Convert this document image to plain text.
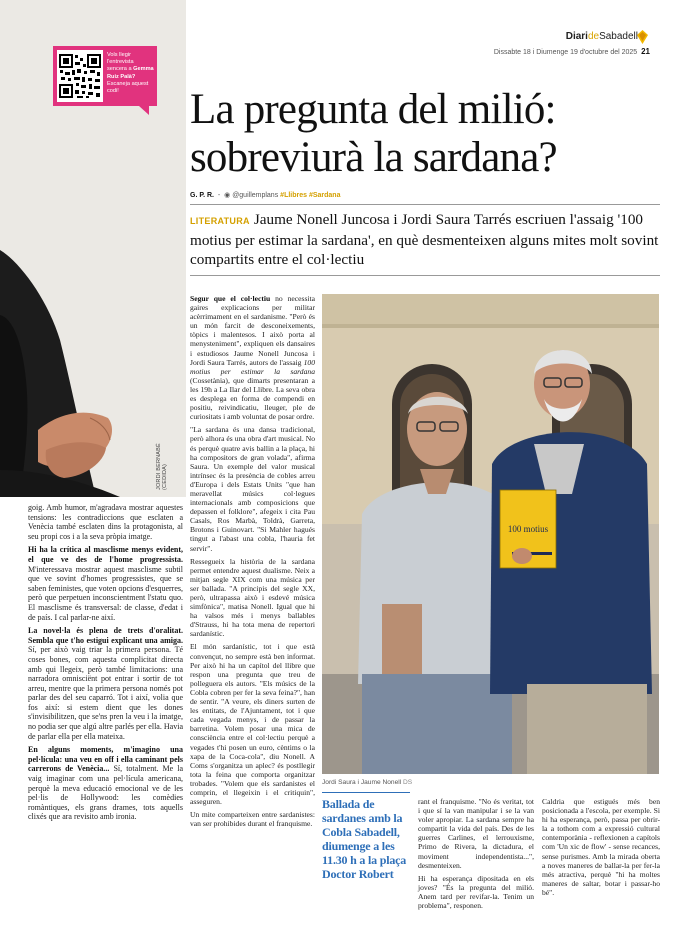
JORDI BERNABÉ (CEDIDA)
Vols llegir l'entrevista sencera a Gemma Ruiz Palà? Escaneja aquest codi!
DiarideSabadell
Dissabte 18 i Diumenge 19 d'octubre del 2025 21
La pregunta del milió:
sobreviurà la sardana?
G. P. R.  -  ◉ @guillemplans #Llibres #Sardana
LITERATURA Jaume Nonell Juncosa i Jordi Saura Tarrés escriuen l'assaig '100 motius per estimar la sardana', en què desmenteixen alguns mites molt sovint compartits entre el col·lectiu

goig. Amb humor, m'agradava mostrar aquestes tensions: les contradiccions que esclaten a Venècia també esclaten dins la protagonista, al seu propi cos i a la seva pròpia imatge.

Hi ha la crítica al masclisme menys evident, el que ve des de l'home progressista. M'interessava mostrar aquest masclisme subtil que ve sovint d'homes progressistes, que se saben feministes, que voten opcions d'esquerres, però que perpetuen inconscientment l'statu quo. El masclisme és transversal: de classe, d'edat i de país. I cal parlar-ne així.

La novel·la és plena de trets d'oralitat. Sembla que t'ho estigui explicant una amiga. Sí, per això vaig triar la primera persona. Té coses bones, com aquesta complicitat directa amb qui llegeix, però també limitacions: una narradora omnisciënt pot entrar i sortir de tot arreu, mentre que la primera persona només pot parlar des del seu caparró. Tot i així, volia que fos així: si estem dient que les dones s'invisibilitzen, que se'ns pren la veu i la imatge, no podia ser que algú altre parlés per ella. Havia de parlar ella per ella mateixa.

En alguns moments, m'imagino una pel·lícula: una veu en off i ella caminant pels carrerons de Venècia... Sí, totalment. Me la vaig imaginar com una pel·lícula americana, perquè la meva educació emocional ve de les pel·lis de Hollywood: les comèdies romàntiques, els grans drames, tots aquells clixés que ara revisito amb ironia.

Segur que el col·lectiu no necessita gaires explicacions per militar acèrrimament en el sardanisme. "Però és un món farcit de desconeixements, tòpics i malentesos. I això porta al menysteniment", expliquen els dansaires i estudiosos Jaume Nonell Juncosa i Jordi Saura Tarrés, autors de l'assaig 100 motius per estimar la sardana (Cossetània), que dimarts presentaran a les 19h a La Ilar del Llibre. La seva obra es desplega en forma de compendi en positiu, reivindicatiu, lleuger, ple de curiositats i amb voluntat de posar ordre.

"La sardana és una dansa tradicional, però alhora és una obra d'art musical. No és perquè quatre avis ballin a la plaça, hi ha compositors de gran volada", afirma Saura. Un exemple del valor musical intrínsec és la presència de cobles arreu d'Europa i dels Estats Units "que han meravellat músics col·legues internacionals amb composicions que depassen el folklore", afegeix i cita Pau Casals, Ros Marbà, Toldrà, Garreta, Brotons i Guinovart. "Si Mahler hagués tingut a l'abast una cobla, l'hauria fet servir".

Ressegueix la història de la sardana permet entendre aquest dualisme. Neix a mitjan segle XIX com una música per ser ballada. "A principis del segle XX, però, ultrapassa això i esdevé música simfònica", matisa Nonell. Igual que hi ha valsos més i menys ballables d'Strauss, hi ha tota mena de repertori sardanístic.

El món sardanístic, tot i que està convençut, no sempre està ben informat. Per això hi ha un capítol del llibre que respon una pregunta que treu de polleguera els autors. "Els músics de la Cobla cobren per fer la seva feina?", han de sentir. "A veure, els diners surten de les entitats, de l'Ajuntament, tot i que cada vegada menys, i de passar la barretina. Volem posar una mica de consciència entre el col·lectiu perquè a vegades t'hi posen un euro, cèntims o la xapa de la Coca-cola", diu Nonell. A Coms s'organitza un aplec? és postllegir tota la feina que comporta organitzar trobades. "Volem que els sardanistes el comprin, el llegeixin i el critiquin", asseguren.

Un mite comparteixen entre sardanistes: van ser prohibides durant el franquisme.

100 motius
Jordi Saura i Jaume Nonell DS
Ballada de sardanes amb la Cobla Sabadell, diumenge a les 11.30 h a la plaça Doctor Robert

rant el franquisme. "No és veritat, tot i que sí la van manipular i se la van voler apropiar. La sardana sempre ha compartit la vida del país. Des de les guerres Carlines, el lerrouxisme, Primo de Rivera, la dictadura, el moviment independentista...", desmenteixen.

Hi ha esperança dipositada en els joves? "És la pregunta del milió. Anem tard per revifar-la. Tenim un problema", responen.

Caldria que estigués més ben posicionada a l'escola, per exemple. Si hi ha esperança, però, passa per obrir-la a tothom com a expressió cultural contemporània - reflexionen a capítols com 'Un xic de flow' - sense recances, sense purismes. Amb la mirada oberta a noves maneres de ballar-la per fer-la més atractiva, perquè "hi ha moltes maneres de saltar, botar i passar-ho bé".
